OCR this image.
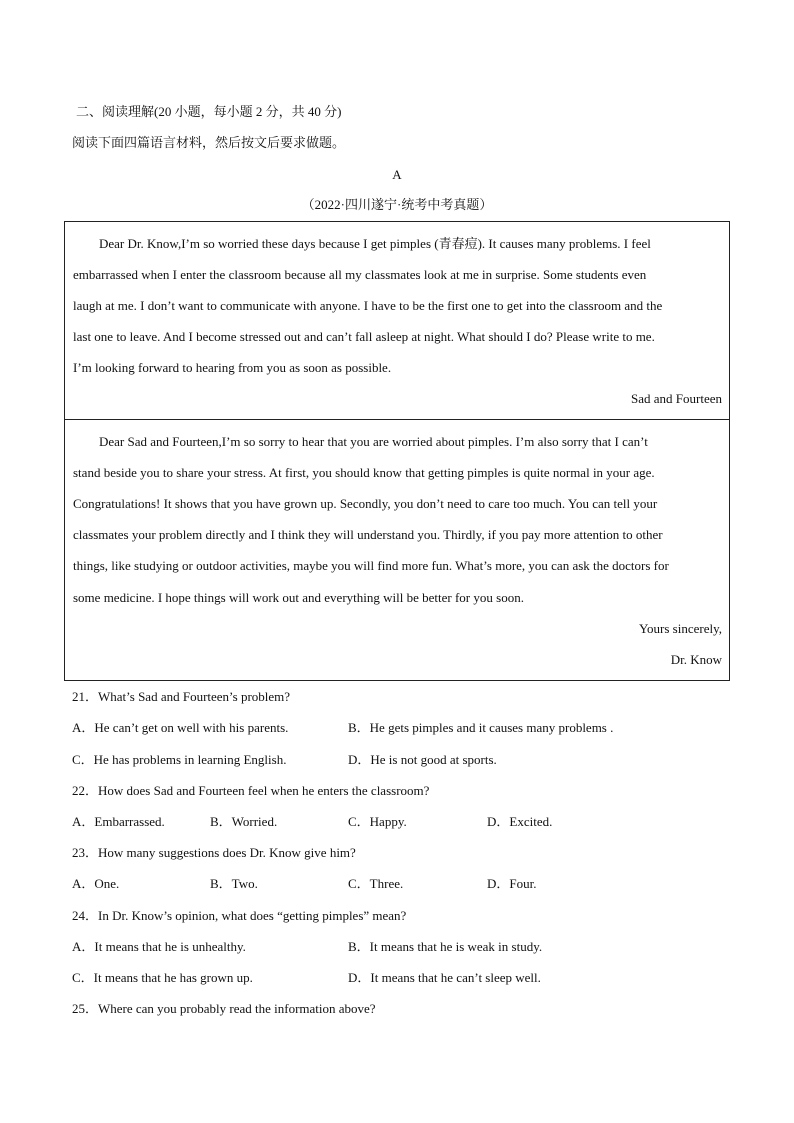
二、阅读理解(20 小题，每小题 2 分，共 40 分)
阅读下面四篇语言材料，然后按文后要求做题。
A
（2022·四川遂宁·统考中考真题）
Dear Dr. Know,I’m so worried these days because I get pimples (青春痘). It causes many problems. I feel
embarrassed when I enter the classroom because all my classmates look at me in surprise. Some students even
laugh at me. I don’t want to communicate with anyone. I have to be the first one to get into the classroom and the
last one to leave. And I become stressed out and can’t fall asleep at night. What should I do? Please write to me.
I’m looking forward to hearing from you as soon as possible.
Sad and Fourteen
Dear Sad and Fourteen,I’m so sorry to hear that you are worried about pimples. I’m also sorry that I can’t
stand beside you to share your stress. At first, you should know that getting pimples is quite normal in your age.
Congratulations! It shows that you have grown up. Secondly, you don’t need to care too much. You can tell your
classmates your problem directly and I think they will understand you. Thirdly, if you pay more attention to other
things, like studying or outdoor activities, maybe you will find more fun. What’s more, you can ask the doctors for
some medicine. I hope things will work out and everything will be better for you soon.
Yours sincerely,
Dr. Know
21．What’s Sad and Fourteen’s problem?
A．He can’t get on well with his parents.	B．He gets pimples and it causes many problems .
C．He has problems in learning English.	D．He is not good at sports.
22．How does Sad and Fourteen feel when he enters the classroom?
A．Embarrassed.	B．Worried.	C．Happy.	D．Excited.
23．How many suggestions does Dr. Know give him?
A．One.	B．Two.	C．Three.	D．Four.
24．In Dr. Know’s opinion, what does “getting pimples” mean?
A．It means that he is unhealthy.	B．It means that he is weak in study.
C．It means that he has grown up.	D．It means that he can’t sleep well.
25．Where can you probably read the information above?
